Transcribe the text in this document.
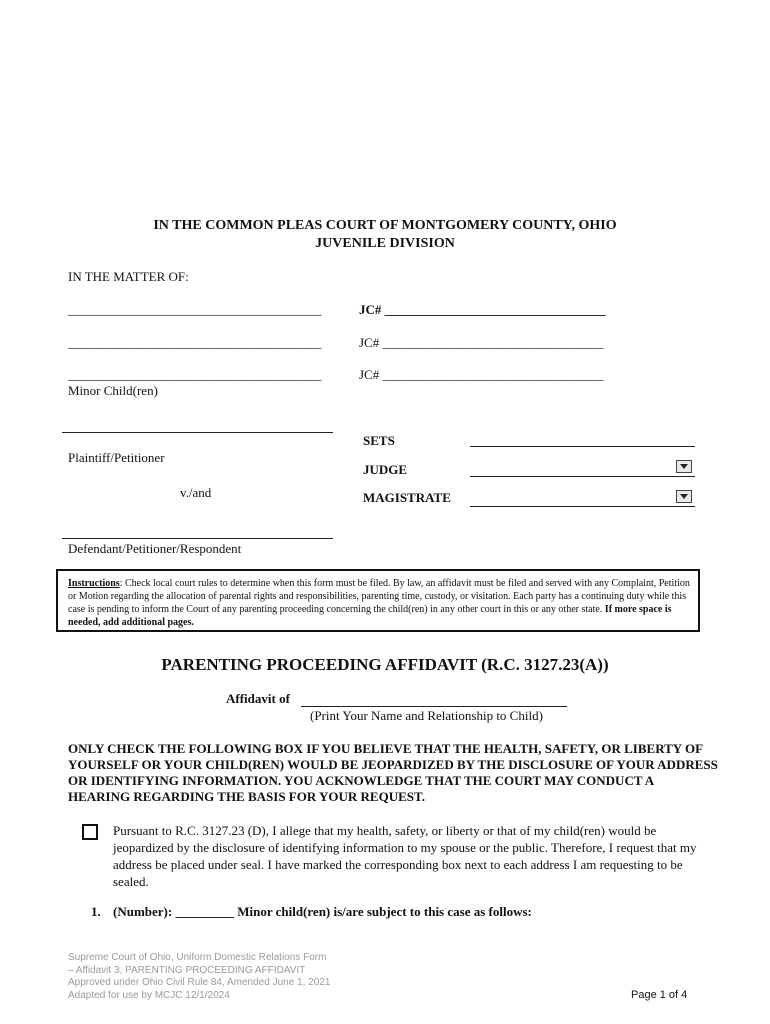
IN THE COMMON PLEAS COURT OF MONTGOMERY COUNTY, OHIO
JUVENILE DIVISION
IN THE MATTER OF:
_______________________________________	JC# __________________________________
_______________________________________	JC# __________________________________
_______________________________________	JC# __________________________________
Minor Child(ren)
Plaintiff/Petitioner
v./and
Defendant/Petitioner/Respondent
SETS
JUDGE
MAGISTRATE
Instructions: Check local court rules to determine when this form must be filed. By law, an affidavit must be filed and served with any Complaint, Petition or Motion regarding the allocation of parental rights and responsibilities, parenting time, custody, or visitation. Each party has a continuing duty while this case is pending to inform the Court of any parenting proceeding concerning the child(ren) in any other court in this or any other state. If more space is needed, add additional pages.
PARENTING PROCEEDING AFFIDAVIT (R.C. 3127.23(A))
Affidavit of
(Print Your Name and Relationship to Child)
ONLY CHECK THE FOLLOWING BOX IF YOU BELIEVE THAT THE HEALTH, SAFETY, OR LIBERTY OF YOURSELF OR YOUR CHILD(REN) WOULD BE JEOPARDIZED BY THE DISCLOSURE OF YOUR ADDRESS OR IDENTIFYING INFORMATION. YOU ACKNOWLEDGE THAT THE COURT MAY CONDUCT A HEARING REGARDING THE BASIS FOR YOUR REQUEST.
Pursuant to R.C. 3127.23 (D), I allege that my health, safety, or liberty or that of my child(ren) would be jeopardized by the disclosure of identifying information to my spouse or the public. Therefore, I request that my address be placed under seal. I have marked the corresponding box next to each address I am requesting to be sealed.
1. (Number): _________ Minor child(ren) is/are subject to this case as follows:
Supreme Court of Ohio, Uniform Domestic Relations Form
– Affidavit 3, PARENTING PROCEEDING AFFIDAVIT
Approved under Ohio Civil Rule 84, Amended June 1, 2021
Adapted for use by MCJC 12/1/2024	Page 1 of 4
